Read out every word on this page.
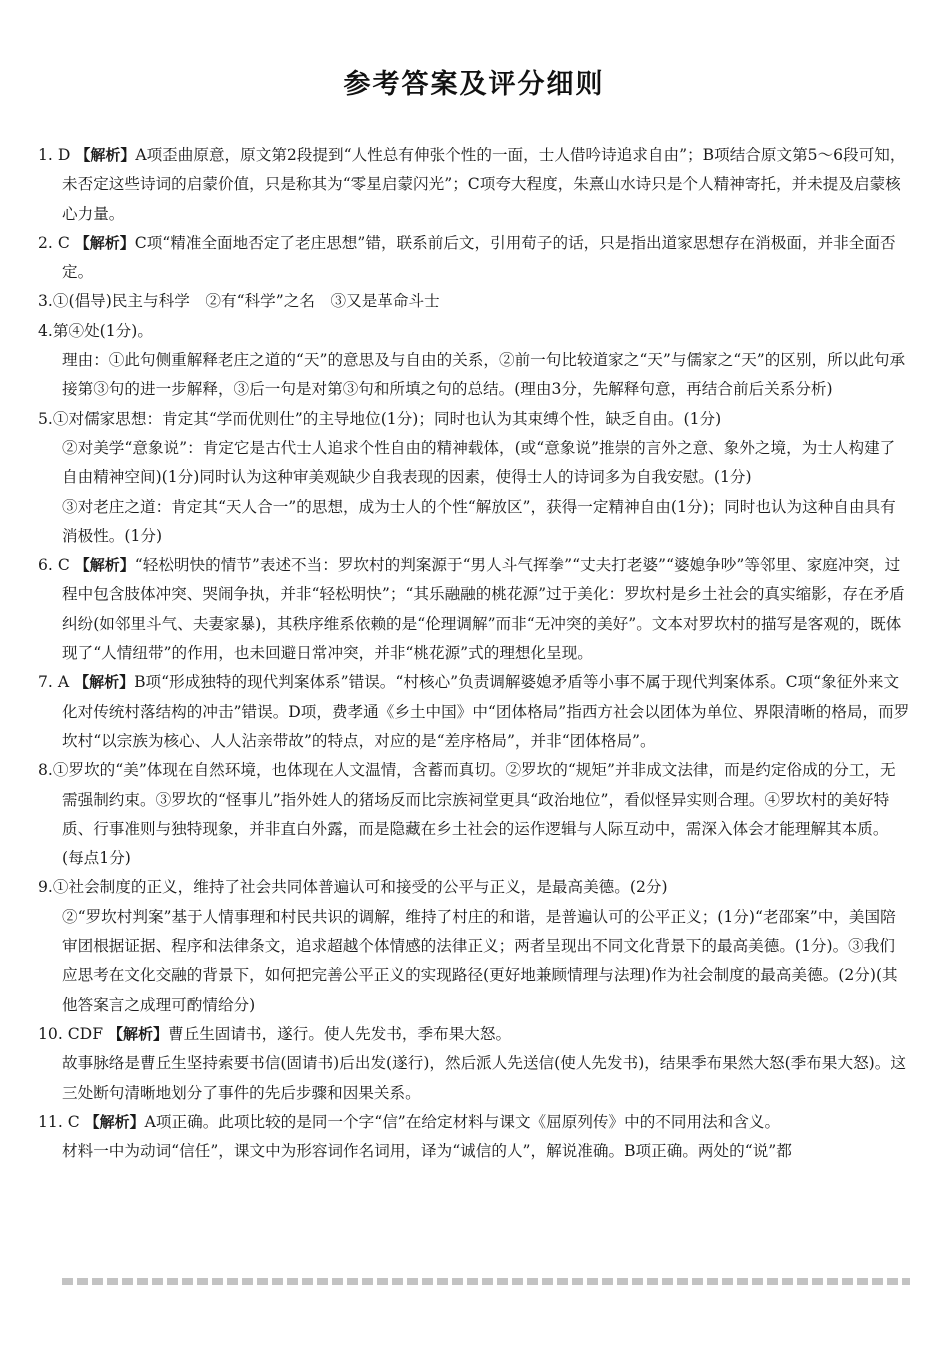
参考答案及评分细则
1. D 【解析】A项歪曲原意，原文第2段提到“人性总有伸张个性的一面，士人借吟诗追求自由”；B项结合原文第5～6段可知，未否定这些诗词的启蒙价值，只是称其为“零星启蒙闪光”；C项夸大程度，朱熹山水诗只是个人精神寄托，并未提及启蒙核心力量。
2. C 【解析】C项“精准全面地否定了老庄思想”错，联系前后文，引用荀子的话，只是指出道家思想存在消极面，并非全面否定。
3.①(倡导)民主与科学　②有“科学”之名　③又是革命斗士
4.第④处(1分)。

理由：①此句侧重解释老庄之道的“天”的意思及与自由的关系，②前一句比较道家之“天”与儒家之“天”的区别，所以此句承接第③句的进一步解释，③后一句是对第③句和所填之句的总结。(理由3分，先解释句意，再结合前后关系分析)

5.①对儒家思想：肯定其“学而优则仕”的主导地位(1分)；同时也认为其束缚个性，缺乏自由。(1分)

②对美学“意象说”：肯定它是古代士人追求个性自由的精神载体，(或“意象说”推崇的言外之意、象外之境，为士人构建了自由精神空间)(1分)同时认为这种审美观缺少自我表现的因素，使得士人的诗词多为自我安慰。(1分)

③对老庄之道：肯定其“天人合一”的思想，成为士人的个性“解放区”，获得一定精神自由(1分)；同时也认为这种自由具有消极性。(1分)

6. C 【解析】“轻松明快的情节”表述不当：罗坎村的判案源于“男人斗气挥拳”“丈夫打老婆”“婆媳争吵”等邻里、家庭冲突，过程中包含肢体冲突、哭闹争执，并非“轻松明快”；“其乐融融的桃花源”过于美化：罗坎村是乡土社会的真实缩影，存在矛盾纠纷(如邻里斗气、夫妻家暴)，其秩序维系依赖的是“伦理调解”而非“无冲突的美好”。文本对罗坎村的描写是客观的，既体现了“人情纽带”的作用，也未回避日常冲突，并非“桃花源”式的理想化呈现。
7. A 【解析】B项“形成独特的现代判案体系”错误。“村核心”负责调解婆媳矛盾等小事不属于现代判案体系。C项“象征外来文化对传统村落结构的冲击”错误。D项，费孝通《乡土中国》中“团体格局”指西方社会以团体为单位、界限清晰的格局，而罗坎村“以宗族为核心、人人沾亲带故”的特点，对应的是“差序格局”，并非“团体格局”。
8.①罗坎的“美”体现在自然环境，也体现在人文温情，含蓄而真切。②罗坎的“规矩”并非成文法律，而是约定俗成的分工，无需强制约束。③罗坎的“怪事儿”指外姓人的猪场反而比宗族祠堂更具“政治地位”，看似怪异实则合理。④罗坎村的美好特质、行事准则与独特现象，并非直白外露，而是隐藏在乡土社会的运作逻辑与人际互动中，需深入体会才能理解其本质。(每点1分)
9.①社会制度的正义，维持了社会共同体普遍认可和接受的公平与正义，是最高美德。(2分)

②“罗坎村判案”基于人情事理和村民共识的调解，维持了村庄的和谐，是普遍认可的公平正义；(1分)“老邵案”中，美国陪审团根据证据、程序和法律条文，追求超越个体情感的法律正义；两者呈现出不同文化背景下的最高美德。(1分)。③我们应思考在文化交融的背景下，如何把完善公平正义的实现路径(更好地兼顾情理与法理)作为社会制度的最高美德。(2分)(其他答案言之成理可酌情给分)

10. CDF 【解析】曹丘生固请书，遂行。使人先发书，季布果大怒。

故事脉络是曹丘生坚持索要书信(固请书)后出发(遂行)，然后派人先送信(使人先发书)，结果季布果然大怒(季布果大怒)。这三处断句清晰地划分了事件的先后步骤和因果关系。

11. C 【解析】A项正确。此项比较的是同一个字“信”在给定材料与课文《屈原列传》中的不同用法和含义。

材料一中为动词“信任”，课文中为形容词作名词用，译为“诚信的人”，解说准确。B项正确。两处的“说”都
